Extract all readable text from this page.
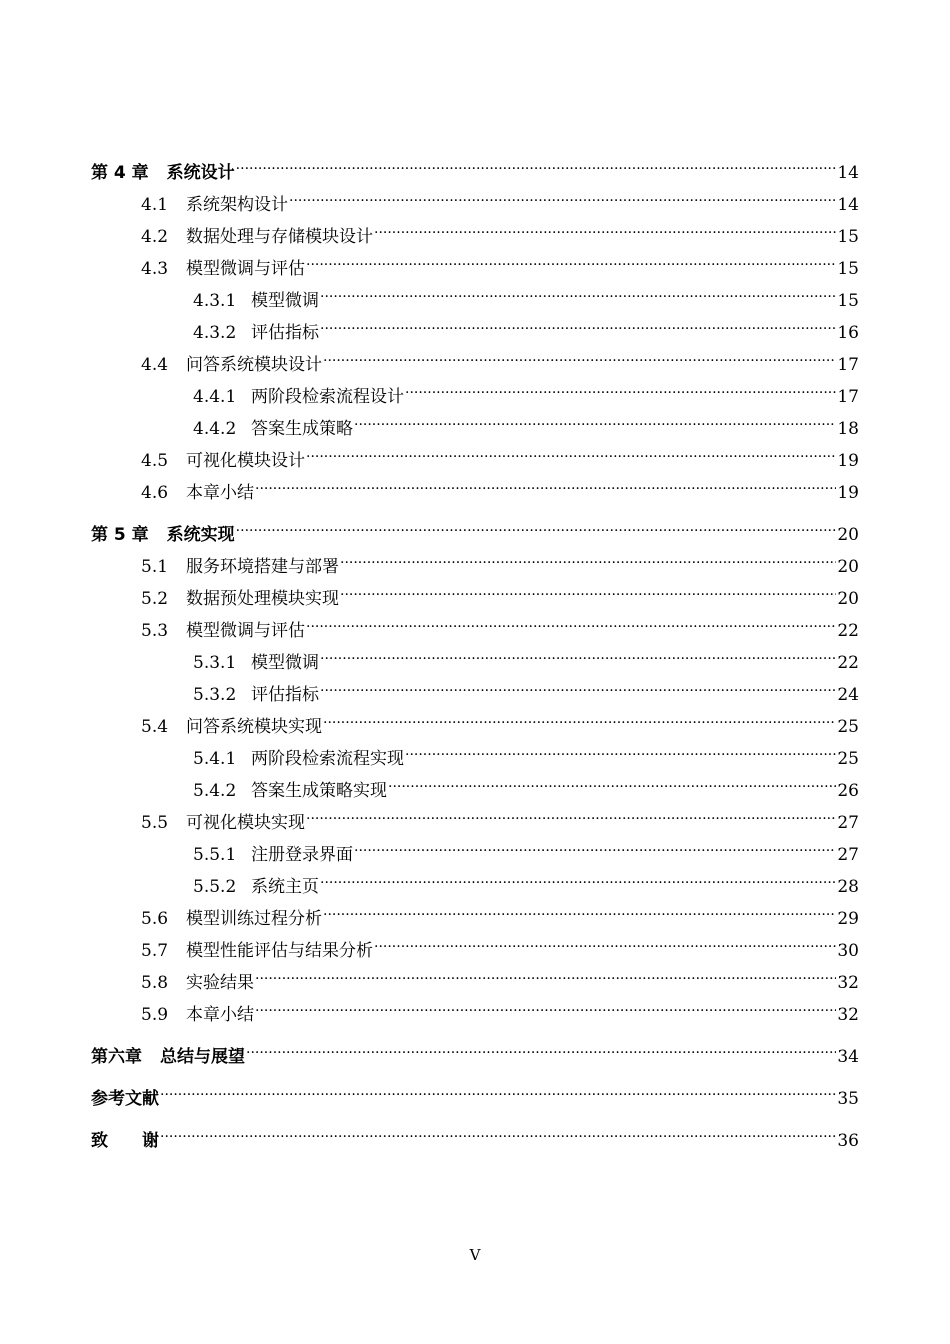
第 4 章 系统设计 .....	14
4.1 系统架构设计 .....	14
4.2 数据处理与存储模块设计 .....	15
4.3 模型微调与评估 .....	15
4.3.1 模型微调 .....	15
4.3.2 评估指标 .....	16
4.4 问答系统模块设计 .....	17
4.4.1 两阶段检索流程设计 .....	17
4.4.2 答案生成策略 .....	18
4.5 可视化模块设计 .....	19
4.6 本章小结 .....	19
第 5 章 系统实现 .....	20
5.1 服务环境搭建与部署 .....	20
5.2 数据预处理模块实现 .....	20
5.3 模型微调与评估 .....	22
5.3.1 模型微调 .....	22
5.3.2 评估指标 .....	24
5.4 问答系统模块实现 .....	25
5.4.1 两阶段检索流程实现 .....	25
5.4.2 答案生成策略实现 .....	26
5.5 可视化模块实现 .....	27
5.5.1 注册登录界面 .....	27
5.5.2 系统主页 .....	28
5.6 模型训练过程分析 .....	29
5.7 模型性能评估与结果分析 .....	30
5.8 实验结果 .....	32
5.9 本章小结 .....	32
第六章 总结与展望 .....	34
参考文献 .....	35
致　　谢 .....	36
V
